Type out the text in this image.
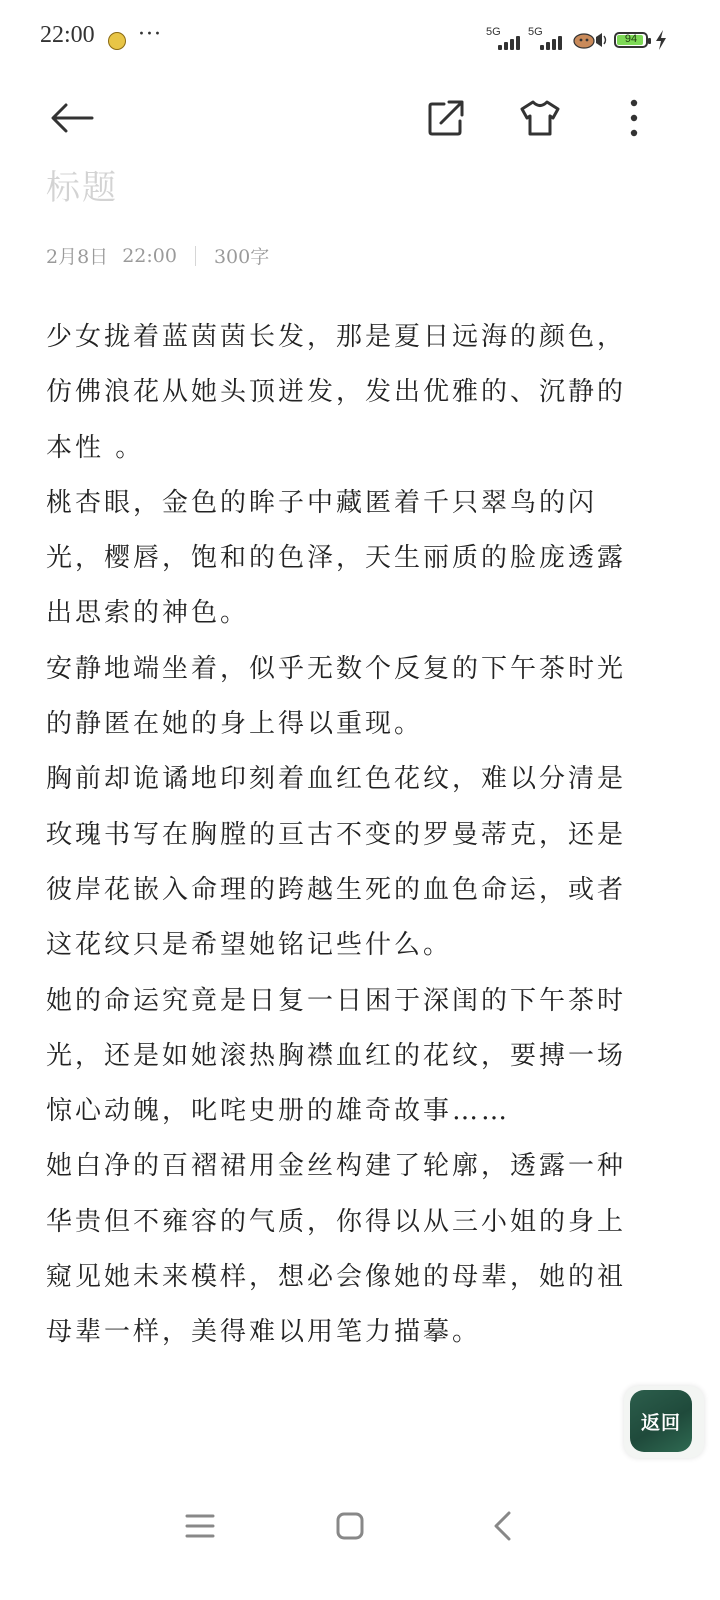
22:00 ···	5G 5G
94
标题
2月8日 22:00 300字

少女拢着蓝茵茵长发，那是夏日远海的颜色，仿佛浪花从她头顶迸发，发出优雅的、沉静的本性 。

桃杏眼，金色的眸子中藏匿着千只翠鸟的闪光，樱唇，饱和的色泽，天生丽质的脸庞透露出思索的神色。

安静地端坐着，似乎无数个反复的下午茶时光的静匿在她的身上得以重现。

胸前却诡谲地印刻着血红色花纹，难以分清是玫瑰书写在胸膛的亘古不变的罗曼蒂克，还是彼岸花嵌入命理的跨越生死的血色命运，或者这花纹只是希望她铭记些什么。

她的命运究竟是日复一日困于深闺的下午茶时光，还是如她滚热胸襟血红的花纹，要搏一场惊心动魄，叱咤史册的雄奇故事……

她白净的百褶裙用金丝构建了轮廓，透露一种华贵但不雍容的气质，你得以从三小姐的身上窥见她未来模样，想必会像她的母辈，她的祖母辈一样，美得难以用笔力描摹。

返回
